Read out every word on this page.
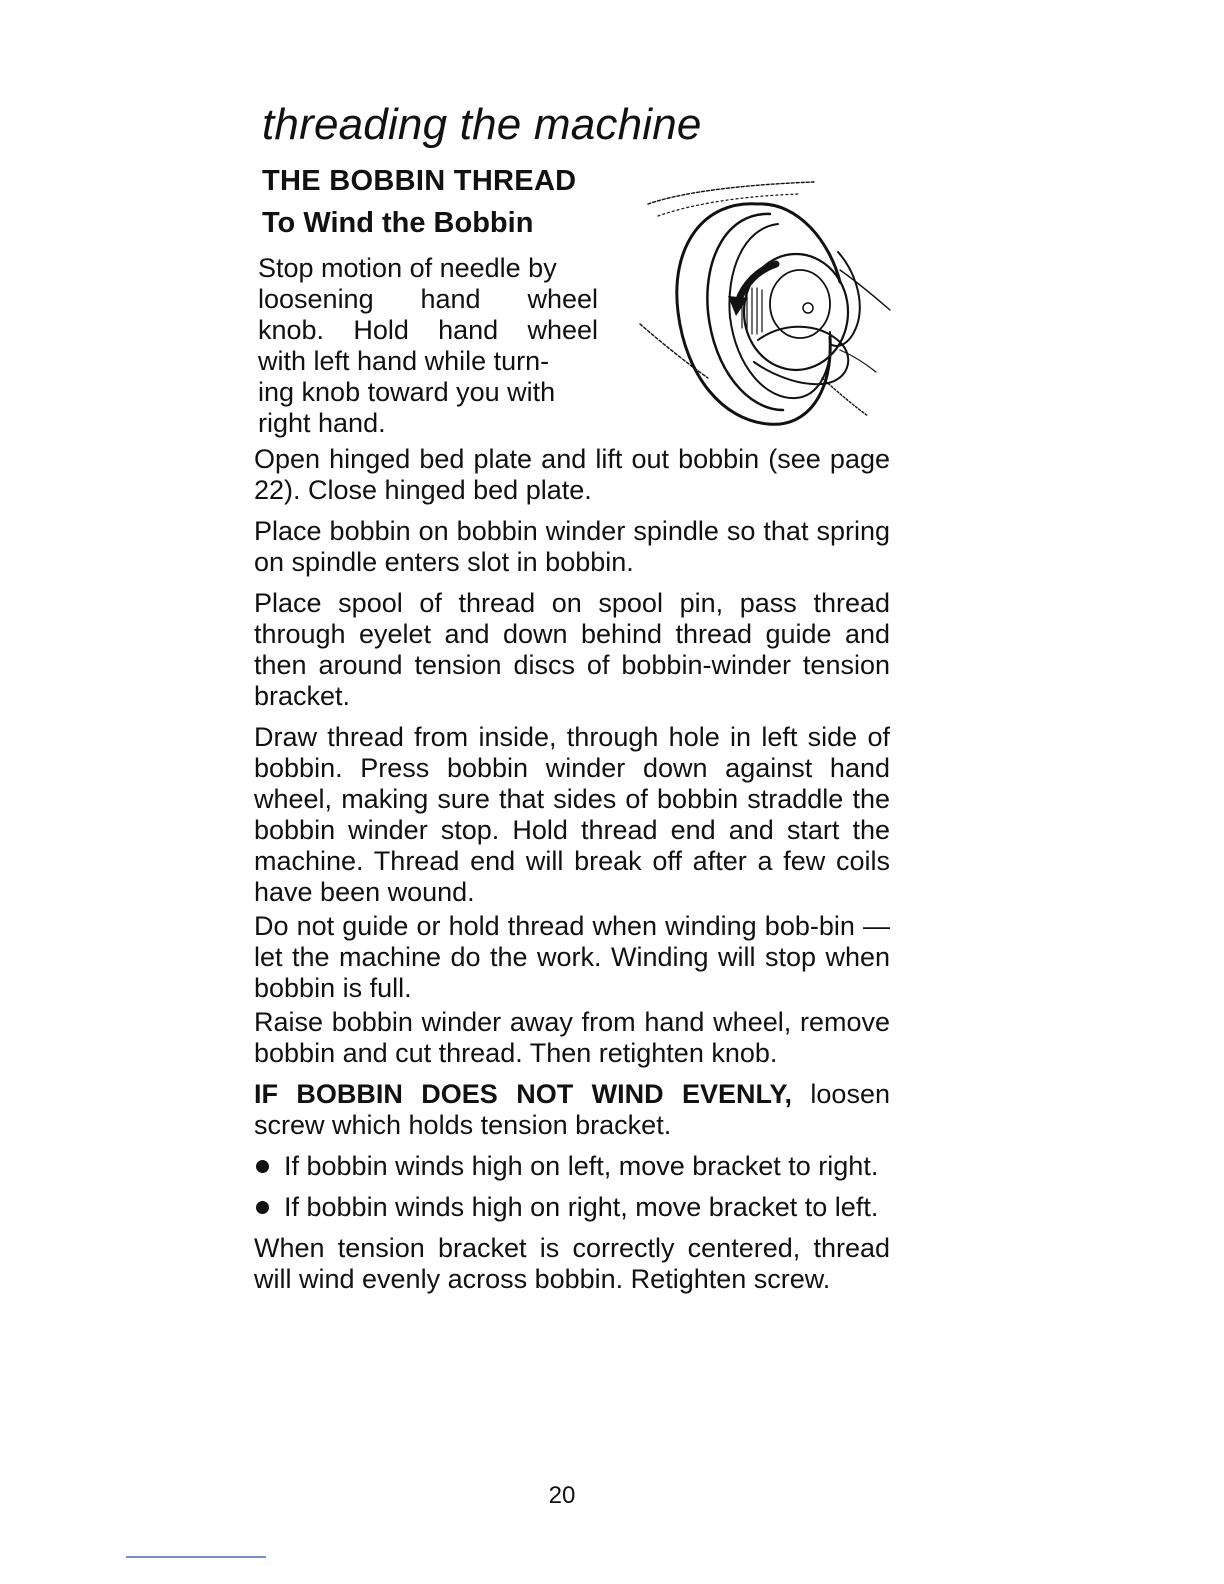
threading the machine
THE BOBBIN THREAD
To Wind the Bobbin
Stop motion of needle by
loosening hand wheel
knob. Hold hand wheel
with left hand while turn-
ing knob toward you with
right hand.

Open hinged bed plate and lift out bobbin (see page 22). Close hinged bed plate.

Place bobbin on bobbin winder spindle so that spring on spindle enters slot in bobbin.

Place spool of thread on spool pin, pass thread through eyelet and down behind thread guide and then around tension discs of bobbin-winder tension bracket.

Draw thread from inside, through hole in left side of bobbin. Press bobbin winder down against hand wheel, making sure that sides of bobbin straddle the bobbin winder stop. Hold thread end and start the machine. Thread end will break off after a few coils have been wound.

Do not guide or hold thread when winding bob-bin — let the machine do the work. Winding will stop when bobbin is full.

Raise bobbin winder away from hand wheel, remove bobbin and cut thread. Then retighten knob.

IF BOBBIN DOES NOT WIND EVENLY, loosen screw which holds tension bracket.

If bobbin winds high on left, move bracket to right.
If bobbin winds high on right, move bracket to left.

When tension bracket is correctly centered, thread will wind evenly across bobbin. Retighten screw.

20
